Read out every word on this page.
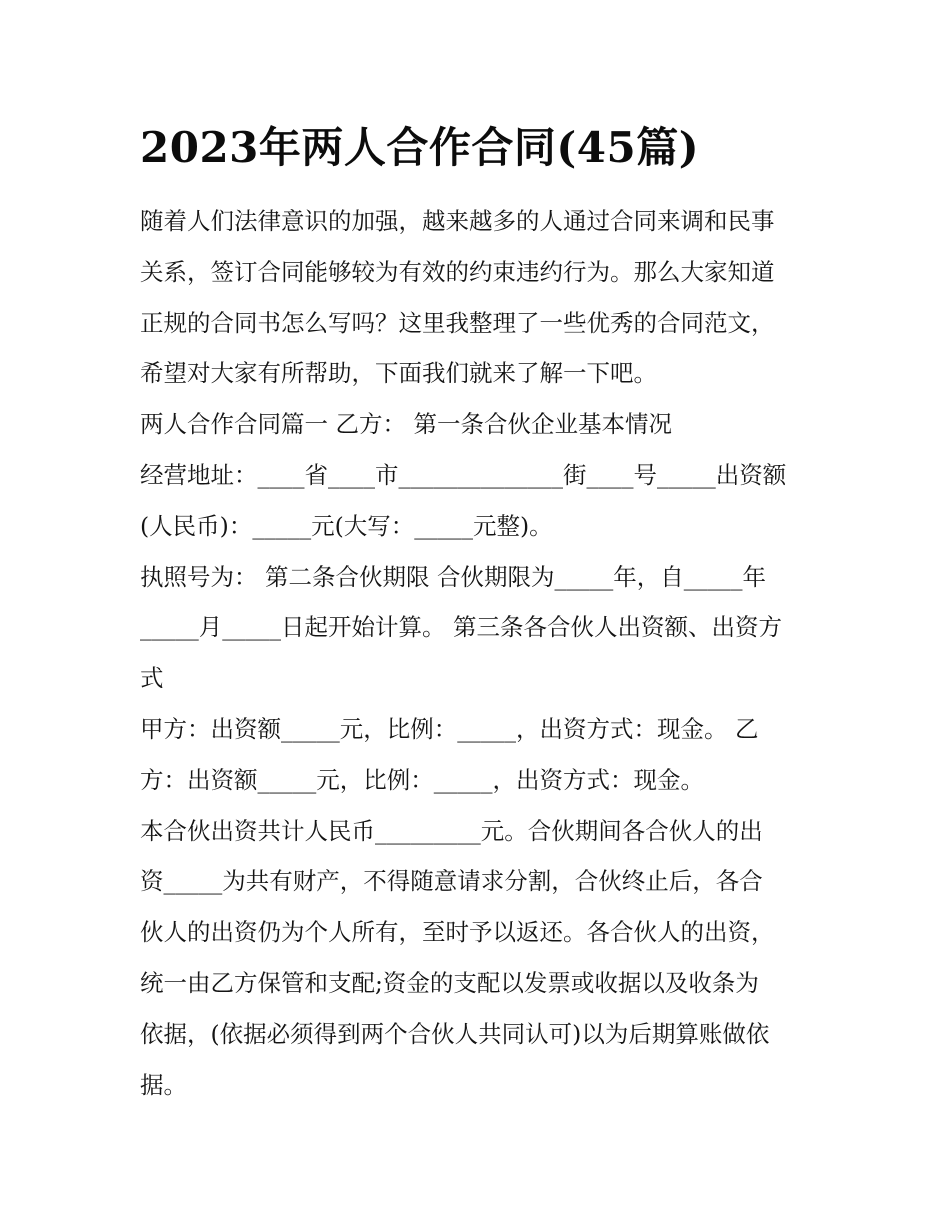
2023年两人合作合同(45篇)

随着人们法律意识的加强，越来越多的人通过合同来调和民事

关系，签订合同能够较为有效的约束违约行为。那么大家知道

正规的合同书怎么写吗？这里我整理了一些优秀的合同范文，

希望对大家有所帮助，下面我们就来了解一下吧。

两人合作合同篇一 乙方： 第一条合伙企业基本情况

经营地址：____省____市______________街____号_____出资额

(人民币)：_____元(大写：_____元整)。

执照号为： 第二条合伙期限 合伙期限为_____年，自_____年

_____月_____日起开始计算。 第三条各合伙人出资额、出资方

式

甲方：出资额_____元，比例：_____，出资方式：现金。 乙

方：出资额_____元，比例：_____，出资方式：现金。

本合伙出资共计人民币_________元。合伙期间各合伙人的出

资_____为共有财产，不得随意请求分割，合伙终止后，各合

伙人的出资仍为个人所有，至时予以返还。各合伙人的出资，

统一由乙方保管和支配;资金的支配以发票或收据以及收条为

依据，(依据必须得到两个合伙人共同认可)以为后期算账做依

据。
